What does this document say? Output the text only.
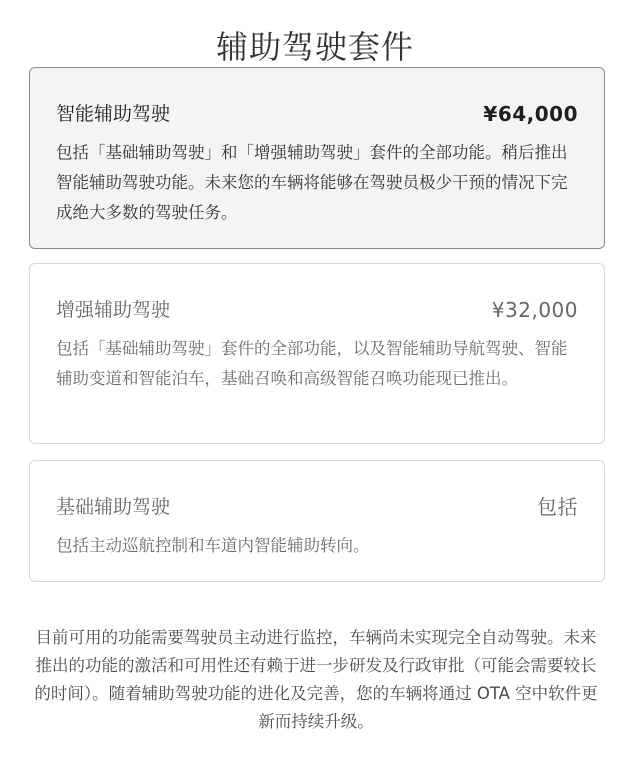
辅助驾驶套件
智能辅助驾驶	¥64,000

包括「基础辅助驾驶」和「增强辅助驾驶」套件的全部功能。稍后推出智能辅助驾驶功能。未来您的车辆将能够在驾驶员极少干预的情况下完成绝大多数的驾驶任务。

增强辅助驾驶	¥32,000

包括「基础辅助驾驶」套件的全部功能，以及智能辅助导航驾驶、智能辅助变道和智能泊车，基础召唤和高级智能召唤功能现已推出。

基础辅助驾驶	包括

包括主动巡航控制和车道内智能辅助转向。

目前可用的功能需要驾驶员主动进行监控，车辆尚未实现完全自动驾驶。未来推出的功能的激活和可用性还有赖于进一步研发及行政审批（可能会需要较长的时间）。随着辅助驾驶功能的进化及完善，您的车辆将通过 OTA 空中软件更新而持续升级。
